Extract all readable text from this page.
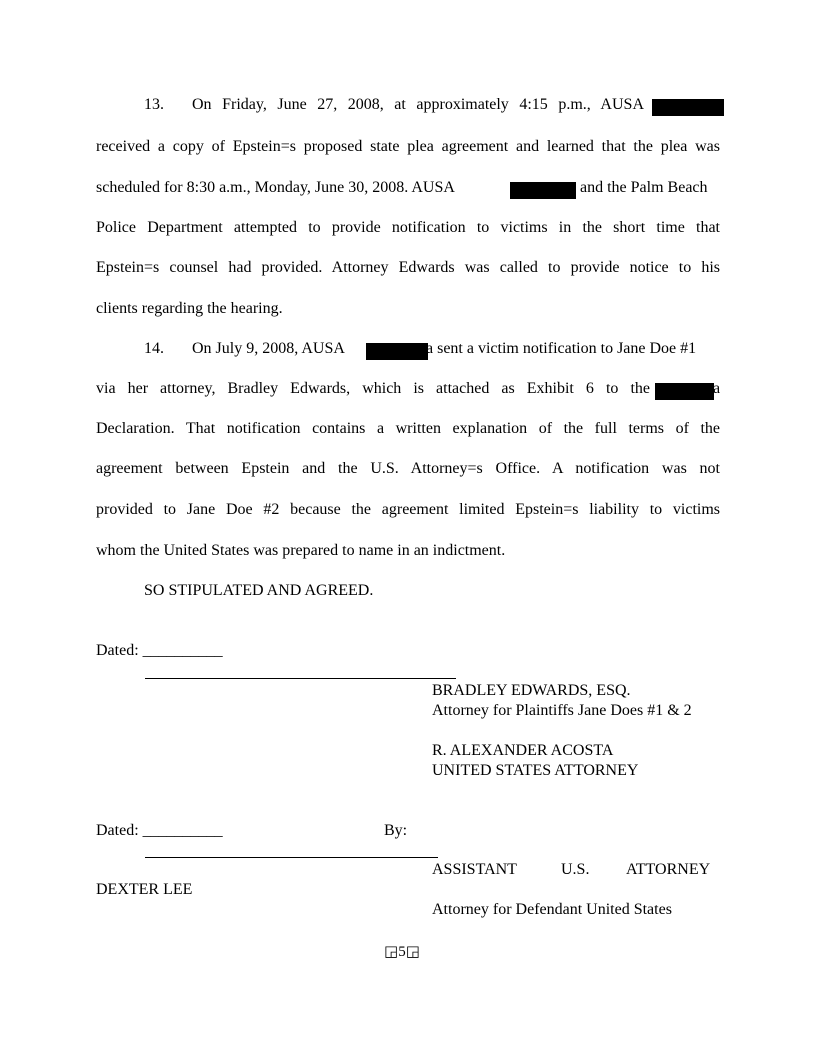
13. On Friday, June 27, 2008, at approximately 4:15 p.m., AUSA
received a copy of Epstein=s proposed state plea agreement and learned that the plea was
scheduled for 8:30 a.m., Monday, June 30, 2008. AUSA	and the Palm Beach
Police Department attempted to provide notification to victims in the short time that
Epstein=s counsel had provided. Attorney Edwards was called to provide notice to his
clients regarding the hearing.
14. On July 9, 2008, AUSA	a sent a victim notification to Jane Doe #1
via her attorney, Bradley Edwards, which is attached as Exhibit 6 to the	a
Declaration. That notification contains a written explanation of the full terms of the
agreement between Epstein and the U.S. Attorney=s Office. A notification was not
provided to Jane Doe #2 because the agreement limited Epstein=s liability to victims
whom the United States was prepared to name in an indictment.
SO STIPULATED AND AGREED.
Dated: __________
BRADLEY EDWARDS, ESQ.
Attorney for Plaintiffs Jane Does #1 & 2
R. ALEXANDER ACOSTA
UNITED STATES ATTORNEY
Dated: __________	By:
ASSISTANT	U.S. ATTORNEY
DEXTER LEE
Attorney for Defendant United States
◲5◲
